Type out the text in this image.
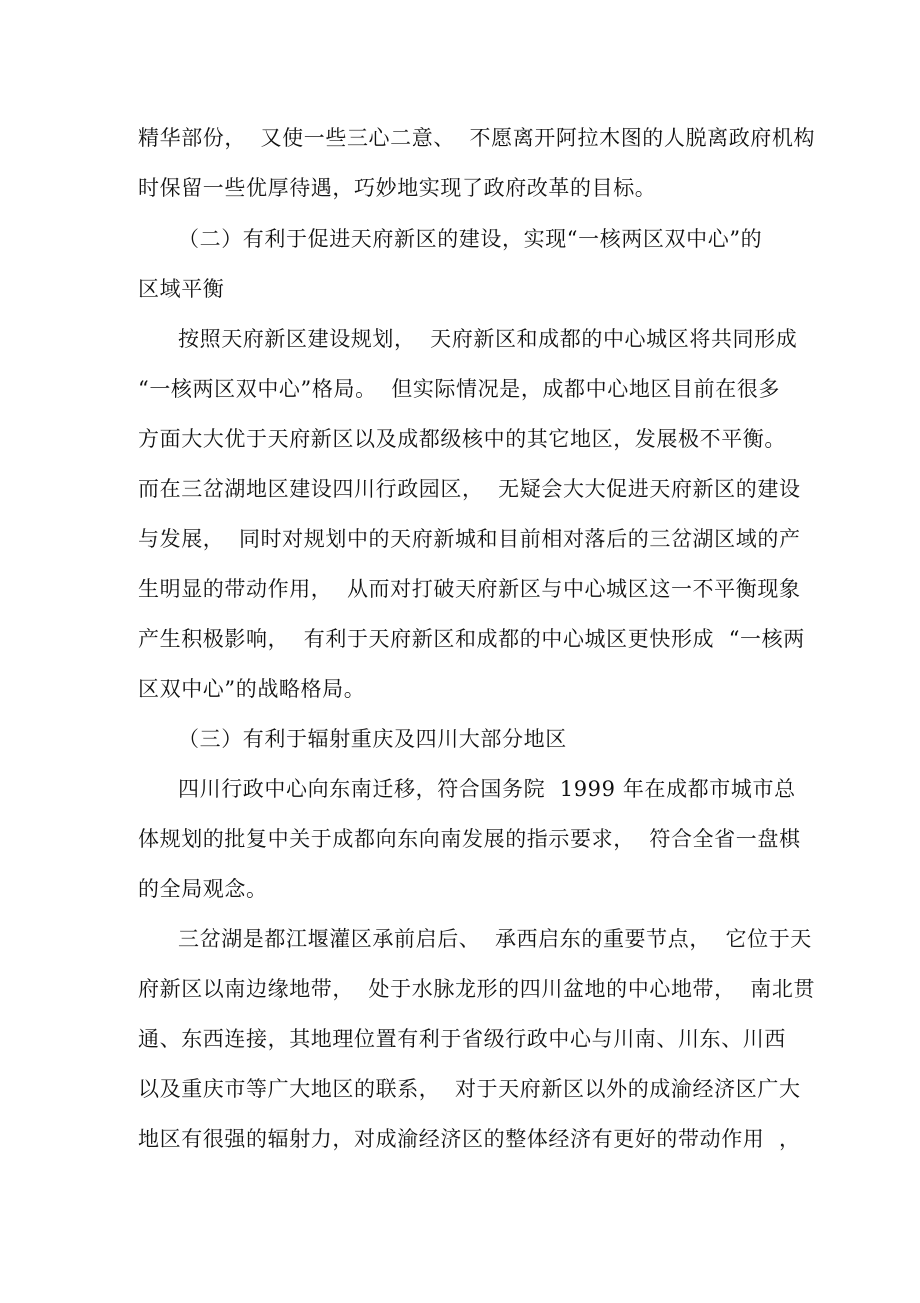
精华部份，  又使一些三心二意、  不愿离开阿拉木图的人脱离政府机构
时保留一些优厚待遇，巧妙地实现了政府改革的目标。
（二）有利于促进天府新区的建设，实现“一核两区双中心”的
区域平衡
按照天府新区建设规划，  天府新区和成都的中心城区将共同形成
“一核两区双中心”格局。  但实际情况是，成都中心地区目前在很多
方面大大优于天府新区以及成都级核中的其它地区，发展极不平衡。
而在三岔湖地区建设四川行政园区，  无疑会大大促进天府新区的建设
与发展，  同时对规划中的天府新城和目前相对落后的三岔湖区域的产
生明显的带动作用，  从而对打破天府新区与中心城区这一不平衡现象
产生积极影响，  有利于天府新区和成都的中心城区更快形成  “一核两
区双中心”的战略格局。
（三）有利于辐射重庆及四川大部分地区
四川行政中心向东南迁移，符合国务院  1999 年在成都市城市总
体规划的批复中关于成都向东向南发展的指示要求，  符合全省一盘棋
的全局观念。
三岔湖是都江堰灌区承前启后、  承西启东的重要节点，  它位于天
府新区以南边缘地带，  处于水脉龙形的四川盆地的中心地带，  南北贯
通、东西连接，其地理位置有利于省级行政中心与川南、川东、川西
以及重庆市等广大地区的联系，  对于天府新区以外的成渝经济区广大
地区有很强的辐射力，对成渝经济区的整体经济有更好的带动作用  ，
